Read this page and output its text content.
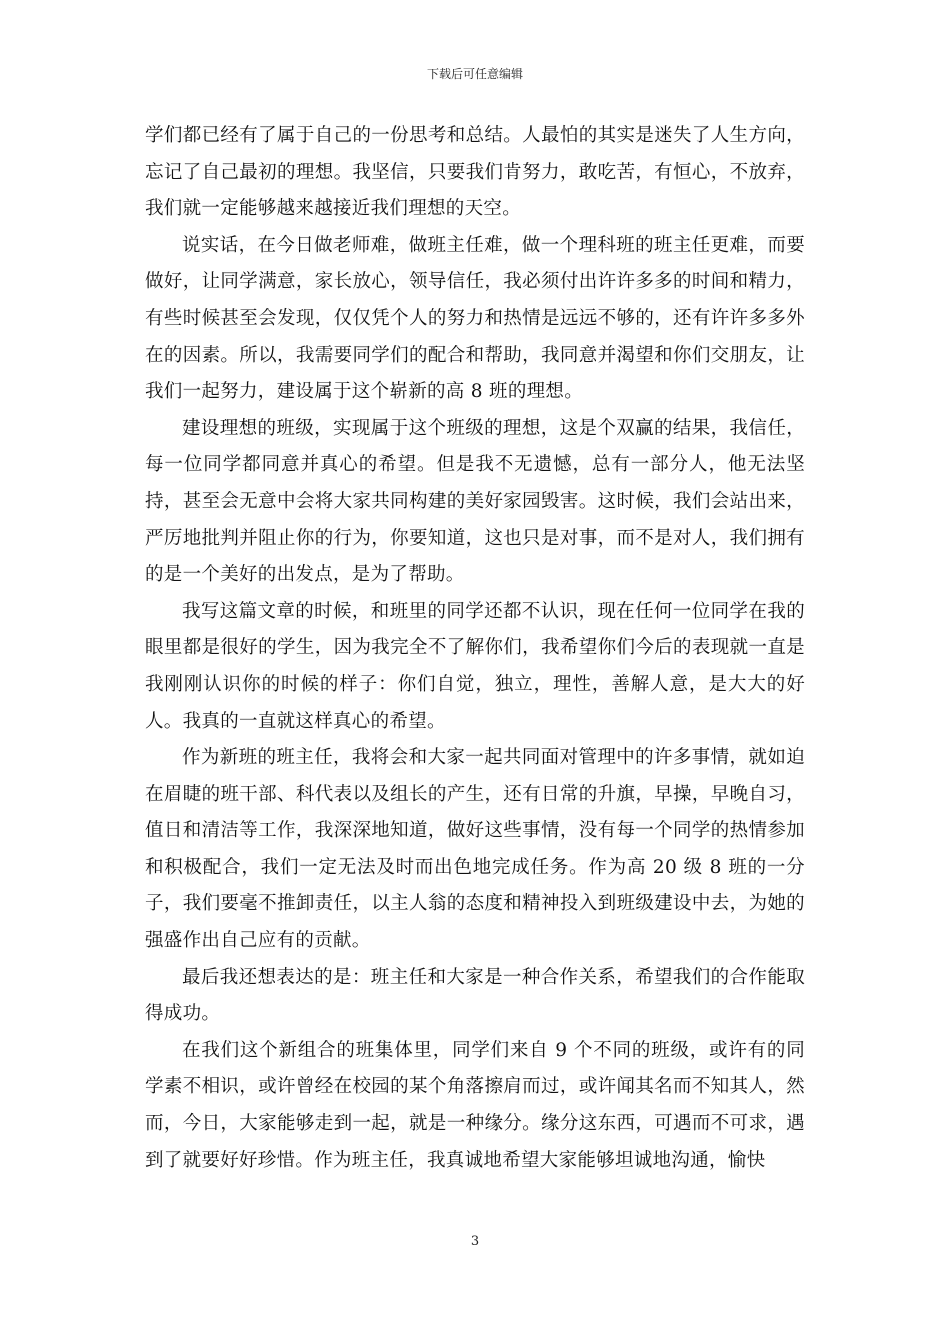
下载后可任意编辑

学们都已经有了属于自己的一份思考和总结。人最怕的其实是迷失了人生方向，忘记了自己最初的理想。我坚信，只要我们肯努力，敢吃苦，有恒心，不放弃，我们就一定能够越来越接近我们理想的天空。

说实话，在今日做老师难，做班主任难，做一个理科班的班主任更难，而要做好，让同学满意，家长放心，领导信任，我必须付出许许多多的时间和精力，有些时候甚至会发现，仅仅凭个人的努力和热情是远远不够的，还有许许多多外在的因素。所以，我需要同学们的配合和帮助，我同意并渴望和你们交朋友，让我们一起努力，建设属于这个崭新的高 8 班的理想。

建设理想的班级，实现属于这个班级的理想，这是个双赢的结果，我信任，每一位同学都同意并真心的希望。但是我不无遗憾，总有一部分人，他无法坚持，甚至会无意中会将大家共同构建的美好家园毁害。这时候，我们会站出来，严厉地批判并阻止你的行为，你要知道，这也只是对事，而不是对人，我们拥有的是一个美好的出发点，是为了帮助。

我写这篇文章的时候，和班里的同学还都不认识，现在任何一位同学在我的眼里都是很好的学生，因为我完全不了解你们，我希望你们今后的表现就一直是我刚刚认识你的时候的样子：你们自觉，独立，理性，善解人意，是大大的好人。我真的一直就这样真心的希望。

作为新班的班主任，我将会和大家一起共同面对管理中的许多事情，就如迫在眉睫的班干部、科代表以及组长的产生，还有日常的升旗，早操，早晚自习，值日和清洁等工作，我深深地知道，做好这些事情，没有每一个同学的热情参加和积极配合，我们一定无法及时而出色地完成任务。作为高 20 级 8 班的一分子，我们要毫不推卸责任，以主人翁的态度和精神投入到班级建设中去，为她的强盛作出自己应有的贡献。

最后我还想表达的是：班主任和大家是一种合作关系，希望我们的合作能取得成功。

在我们这个新组合的班集体里，同学们来自 9 个不同的班级，或许有的同学素不相识，或许曾经在校园的某个角落擦肩而过，或许闻其名而不知其人，然而，今日，大家能够走到一起，就是一种缘分。缘分这东西，可遇而不可求，遇到了就要好好珍惜。作为班主任，我真诚地希望大家能够坦诚地沟通，愉快

3
